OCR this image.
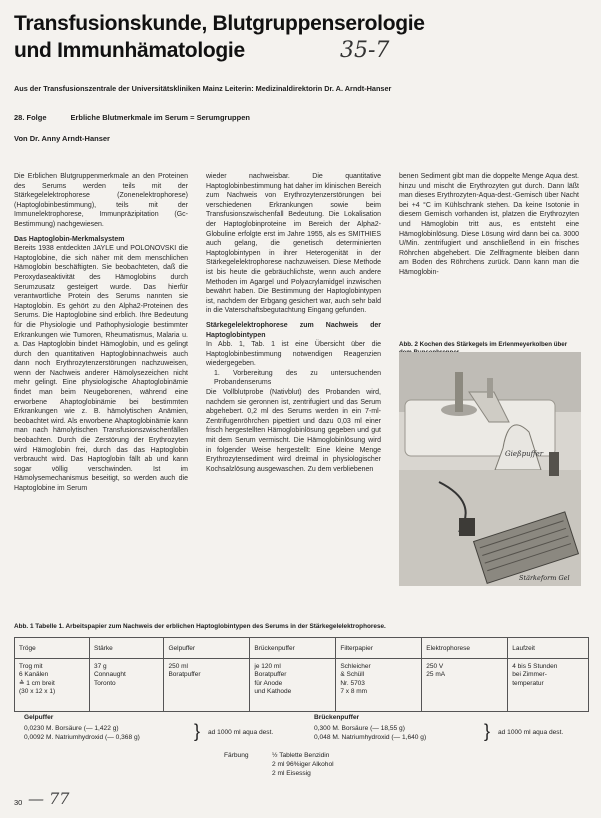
Transfusionskunde, Blutgruppenserologie
und Immunhämatologie	35-7
Aus der Transfusionszentrale der Universitätskliniken Mainz Leiterin: Medizinaldirektorin Dr. A. Arndt-Hanser
28. Folge	Erbliche Blutmerkmale im Serum = Serumgruppen
Von Dr. Anny Arndt-Hanser

Die Erblichen Blutgruppenmerkmale an den Proteinen des Serums werden teils mit der Stärkegelelektrophorese (Zonenelektrophorese) (Haptoglobinbestimmung), teils mit der Immunelektrophorese, Immunpräzipitation (Gc-Bestimmung) nachgewiesen.

Das Haptoglobin-Merkmalsystem

Bereits 1938 entdeckten JAYLE und POLONOVSKI die Haptoglobine, die sich näher mit dem menschlichen Hämoglobin beschäftigten. Sie beobachteten, daß die Peroxydaseaktivität des Hämoglobins durch Serumzusatz gesteigert wurde. Das hierfür verantwortliche Protein des Serums nannten sie Haptoglobin. Es gehört zu den Alpha2-Proteinen des Serums. Die Haptoglobine sind erblich. Ihre Bedeutung für die Physiologie und Pathophysiologie bestimmter Erkrankungen wie Tumoren, Rheumatismus, Malaria u. a. Das Haptoglobin bindet Hämoglobin, und es gelingt durch den quantitativen Haptoglobinnachweis auch dann noch Erythrozytenzerstörungen nachzuweisen, wenn der Nachweis anderer Hämolysezeichen nicht mehr gelingt. Eine physiologische Ahaptoglobinämie findet man beim Neugeborenen, während eine erworbene Ahaptoglobinämie bei bestimmten Erkrankungen wie z. B. hämolytischen Anämien, beobachtet wird. Als erworbene Ahaptoglobinämie kann man nach hämolytischen Transfusionszwischenfällen beobachten. Durch die Zerstörung der Erythrozyten wird Hämoglobin frei, durch das das Haptoglobin verbraucht wird. Das Haptoglobin fällt ab und kann sogar völlig verschwinden. Ist im Hämolysemechanismus beseitigt, so werden auch die Haptoglobine im Serum

wieder nachweisbar. Die quantitative Haptoglobinbestimmung hat daher im klinischen Bereich zum Nachweis von Erythrozytenzerstörungen bei verschiedenen Erkrankungen sowie beim Transfusionszwischenfall Bedeutung. Die Lokalisation der Haptoglobinproteine im Bereich der Alpha2-Globuline erfolgte erst im Jahre 1955, als es SMITHIES auch gelang, die genetisch determinierten Haptoglobintypen in ihrer Heterogenität in der Stärkegelelektrophorese nachzuweisen. Diese Methode ist bis heute die gebräuchlichste, wenn auch andere Methoden im Agargel und Polyacrylamidgel inzwischen bewährt haben. Die Bestimmung der Haptoglobintypen ist, nachdem der Erbgang gesichert war, auch sehr bald in die Vaterschaftsbegutachtung Eingang gefunden.

Stärkegelelektrophorese zum Nachweis der Haptoglobintypen

In Abb. 1, Tab. 1 ist eine Übersicht über die Haptoglobinbestimmung notwendigen Reagenzien wiedergegeben.

1. Vorbereitung des zu untersuchenden Probandenserums

Die Vollblutprobe (Nativblut) des Probanden wird, nachdem sie geronnen ist, zentrifugiert und das Serum abgehebert. 0,2 ml des Serums werden in ein 7-ml-Zentrifugenröhrchen pipettiert und dazu 0,03 ml einer frisch hergestellten Hämoglobinlösung gegeben und gut mit dem Serum vermischt. Die Hämoglobinlösung wird in folgender Weise hergestellt: Eine kleine Menge Erythrozytensediment wird dreimal in physiologischer Kochsalzlösung ausgewaschen. Zu dem verbliebenen

benen Sediment gibt man die doppelte Menge Aqua dest. hinzu und mischt die Erythrozyten gut durch. Dann läßt man dieses Erythrozyten-Aqua-dest.-Gemisch über Nacht bei +4 °C im Kühlschrank stehen. Da keine Isotonie in diesem Gemisch vorhanden ist, platzen die Erythrozyten und Hämoglobin tritt aus, es entsteht eine Hämoglobinlösung. Diese Lösung wird dann bei ca. 3000 U/Min. zentrifugiert und anschließend in ein frisches Röhrchen abgehebert. Die Zellfragmente bleiben dann am Boden des Röhrchens zurück. Dann kann man die Hämoglobin-

Abb. 2 Kochen des Stärkegels im Erlenmeyerkolben über
Gießpuffer
Stärkeform Gel
Abb. 1 Tabelle 1. Arbeitspapier zum Nachweis der erblichen Haptoglobintypen des Serums in der Stärkegelelektrophorese.
Tröge	Stärke	Gelpuffer	Brückenpuffer	Filterpapier	Elektrophorese	Laufzeit
Trog mit
6 Kanälen
≙ 1 cm breit
(30 x 12 x 1)	37 g
Connaught
Toronto	250 ml
Boratpuffer	je 120 ml
Boratpuffer
für Anode
und Kathode	Schleicher
& Schüll
Nr. 5703
7 x 8 mm	250 V
25 mA	4 bis 5 Stunden
bei Zimmer-
temperatur
Gelpuffer
0,0230 M. Borsäure (— 1,422 g)
0,0092 M. Natriumhydroxid (— 0,368 g)	} ad 1000 ml aqua dest.
Brückenpuffer
0,300 M. Borsäure (— 18,55 g)
0,048 M. Natriumhydroxid (— 1,640 g)	} ad 1000 ml aqua dest.
Färbung	½ Tablette Benzidin
2 ml 96%iger Alkohol
2 ml Eisessig
30 — 77
